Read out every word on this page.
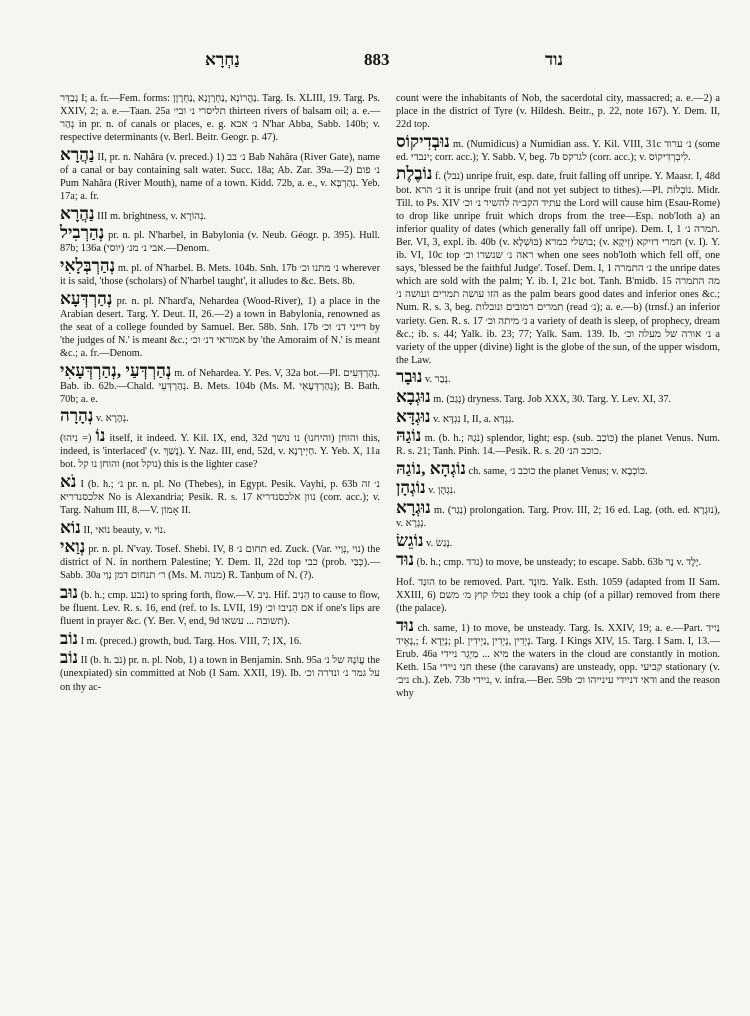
נַחְרָא	883	נוד

נְבַדֵּר I; a. fr.—Fem. forms: נַהֲרוֹנְא ,נַחְרָוָנָא ,נַחְרָוָן. Targ. Is. XLIII, 19. Targ. Ps. XXIV, 2; a. e.—Taan. 25a תליסרי נ׳ ובי׳ thirteen rivers of balsam oil; a. e.—נְהַר in pr. n. of canals or places, e. g. נ׳ אבא N'har Abba, Sabb. 140b; v. respective determinants (v. Berl. Beitr. Geogr. p. 47).

נַהֲרָא II, pr. n. Nahăra (v. preced.) 1) נ׳ בב Bab Nahăra (River Gate), name of a canal or bay containing salt water. Succ. 18a; Ab. Zar. 39a.—2) נ׳ פום Pum Nahăra (River Mouth), name of a town. Kidd. 72b, a. e., v. נְהַרְבָּא. Yeb. 17a; a. fr.

נַהֲרָא III m. brightness, v. נְהוֹרָא.

נְהַרְבִיל pr. n. pl. N'harbel, in Babylonia (v. Neub. Géogr. p. 395). Hull. 87b; 136a (יוסי) אבי נ׳ מנ׳.—Denom.

נְהַרְבְּלָאִי m. pl. of N'harbel. B. Mets. 104b. Snh. 17b נ׳ מתנו וכ׳ wherever it is said, 'those (scholars) of N'harbel taught', it alludes to &c. Bets. 8b.

נְהַרְדְּעָא pr. n. pl. N'hard'a, Nehardea (Wood-River), 1) a place in the Arabian desert. Targ. Y. Deut. II, 26.—2) a town in Babylonia, renowned as the seat of a college founded by Samuel. Ber. 58b. Snh. 17b דייני דנ׳ וכ׳ by 'the judges of N.' is meant &c.; אמוראי דנ׳ וכ׳ by 'the Amoraim of N.' is meant &c.; a. fr.—Denom.

נְהַרְדְּעַי ,נְהַרְדְּעָאִי m. of Nehardea. Y. Pes. V, 32a bot.—Pl. נְהַרְדְּעִים. Bab. ib. 62b.—Chald. נְהַרְדְּעֵי. B. Mets. 104b (Ms. M. נְהַרְדְּעָאֵי); B. Bath. 70b; a. e.

נְהָרָה v. נְהָרָא.

נוֹ (= נִיהוּ) itself, it indeed. Y. Kil. IX, end, 32d והוחן (והיחנוּ) נו נושך this, indeed, is 'interlaced' (v. נָשַׁךְ). Y. Naz. III, end, 52d, v. חַיְירָנָא. Y. Yeb. X, 11a bot. והוחן נו קל (not נוקל) this is the lighter case?

נֹא I (b. h.; נ׳ pr. n. pl. No (Thebes), in Egypt. Pesik. Vayhi, p. 63b נ׳ זה אלכסנדריא No is Alexandria; Pesik. R. s. 17 נוון אלכסנדריא (corr. acc.); v. Targ. Nahum III, 8.—V. אָמוֹן II.

נוֹא II, נוֹאי beauty, v. נוֹי.

נְוַאי pr. n. pl. N'vay. Tosef. Shebi. IV, 8 תחום נ׳ ed. Zuck. (Var. נוי ,נְוַיי) the district of N. in northern Palestine; Y. Dem. II, 22d top כבי (prob. כְּבַּי).—Sabb. 30a ר׳ תנחום דמן נְוַי (Ms. M. מנוה) R. Tanḥum of N. (?).

נוּב (b. h.; cmp. נבע) to spring forth, flow.—V. נִיב. Hif. הֵנִיב to cause to flow, be fluent. Lev. R. s. 16, end (ref. to Is. LVII, 19) אם הֵנִיבוּ וכ׳ if one's lips are fluent in prayer &c. (Y. Ber. V, end, 9d תשובה ... עשאו).

נוֹב I m. (preced.) growth, bud. Targ. Hos. VIII, 7; IX, 16.

נוֹב II (b. h. נֹב) pr. n. pl. Nob, 1) a town in Benjamin. Snh. 95a עֲוֹנָהּ של נ׳ the (unexpiated) sin committed at Nob (I Sam. XXII, 19). Ib. על גמר נ׳ ונדרה וכ׳ on thy ac-

count were the inhabitants of Nob, the sacerdotal city, massacred; a. e.—2) a place in the district of Tyre (v. Hildesh. Beitr., p. 22, note 167). Y. Dem. II, 22d top.

נוּבְדִיקוֹס m. (Numidicus) a Numidian ass. Y. Kil. VIII, 31c נ׳ ערוד (some ed. ינבדי; corr. acc.); Y. Sabb. V, beg. 7b לגרקס (corr. acc.); v. לִיבְרְדִיקוֹס.

נוֹבֶלֶת f. (נבל) unripe fruit, esp. date, fruit falling off unripe. Y. Maasr. I, 48d bot. נ׳ הרא it is unripe fruit (and not yet subject to tithes).—Pl. נוֹבְלוֹת. Midr. Till. to Ps. XIV עתיד הקב״ה להשיר נ׳ וכ׳ the Lord will cause him (Esau-Rome) to drop like unripe fruit which drops from the tree—Esp. nob'loth a) an inferior quality of dates (which generally fall off unripe). Dem. I, 1 תמרה נ׳. Ber. VI, 3, expl. ib. 40b (v. בּוּשְׁלָא) בושלי כמרא; (v. זִיקָא) חמרי דזיקא (v. I). Y. ib. VI, 10c top ראה נ׳ שנשרו וכ׳ when one sees nob'loth which fell off, one says, 'blessed be the faithful Judge'. Tosef. Dem. I, 1 נ׳ התמרה the unripe dates which are sold with the palm; Y. ib. I, 21c bot. Tanh. B'midb. 15 מה התמרה הזו עושה תמרים ועושה נ׳ as the palm bears good dates and inferior ones &c.; Num. R. s. 3, beg. תמרים רמובים ונובלות (read נ׳); a. e.—b) (trnsf.) an inferior variety. Gen. R. s. 17 נ׳ מיתה וכ׳ a variety of death is sleep, of prophecy, dream &c.; ib. s. 44; Yalk. ib. 23; 77; Yalk. Sam. 139. Ib. נ׳ אורה של מעלה וכ׳ a variety of the upper (divine) light is the globe of the sun, of the upper wisdom, the Law.

נוּבָר v. נְבַר.

נוּגְבָא m. (נְגַב) dryness. Targ. Job XXX, 30. Targ. Y. Lev. XI, 37.

נוּגְדָּא v. נִגְדָּא I, II, a. נִגְדָּא.

נוֹגַהּ m. (b. h.; נֹגַהּ) splendor, light; esp. (sub. כּוֹכַב) the planet Venus. Num. R. s. 21; Tanh. Pinh. 14.—Pesik. R. s. 20 כוכב הנ׳.

נוֹגְהָא ,נוֹגַהּ ch. same, כוכב נ׳ the planet Venus; v. כּוֹכְבָא.

נוֹגְהָן v. נִגְהָן.

נוּגְרָא m. (נְגַר) prolongation. Targ. Prov. III, 2; 16 ed. Lag. (oth. ed. נוּגְרָא), v. נְגְרָא.

נוֹגֵשׂ v. נָגַשׂ.

נוּד (b. h.; cmp. נדד) to move, be unsteady; to escape. Sabb. 63b נָר v. יֶלֶד.

Hof. הוּנַד to be removed. Part. מוּנָד. Yalk. Esth. 1059 (adapted from II Sam. XXIII, 6) נטלו קוץ מ׳ משם they took a chip (of a pillar) removed from there (the palace).

נוּד ch. same, 1) to move, be unsteady. Targ. Is. XXIV, 19; a. e.—Part. נַיִיד ,נָאֵיד; f. נָיְדָא; pl. נָיְדִין ,נָיְדִין ,נַיְידִין. Targ. I Kings XIV, 15. Targ. I Sam. I, 13.—Erub. 46a מיא ... מַיְגְר ניידי the waters in the cloud are constantly in motion. Keth. 15a חני ניידי these (the caravans) are unsteady, opp. קביעי stationary (v. ניב׳ ch.). Zeb. 73b ניידי, v. infra.—Ber. 59b ודאי דניידי עינייהו וכ׳ and the reason why
